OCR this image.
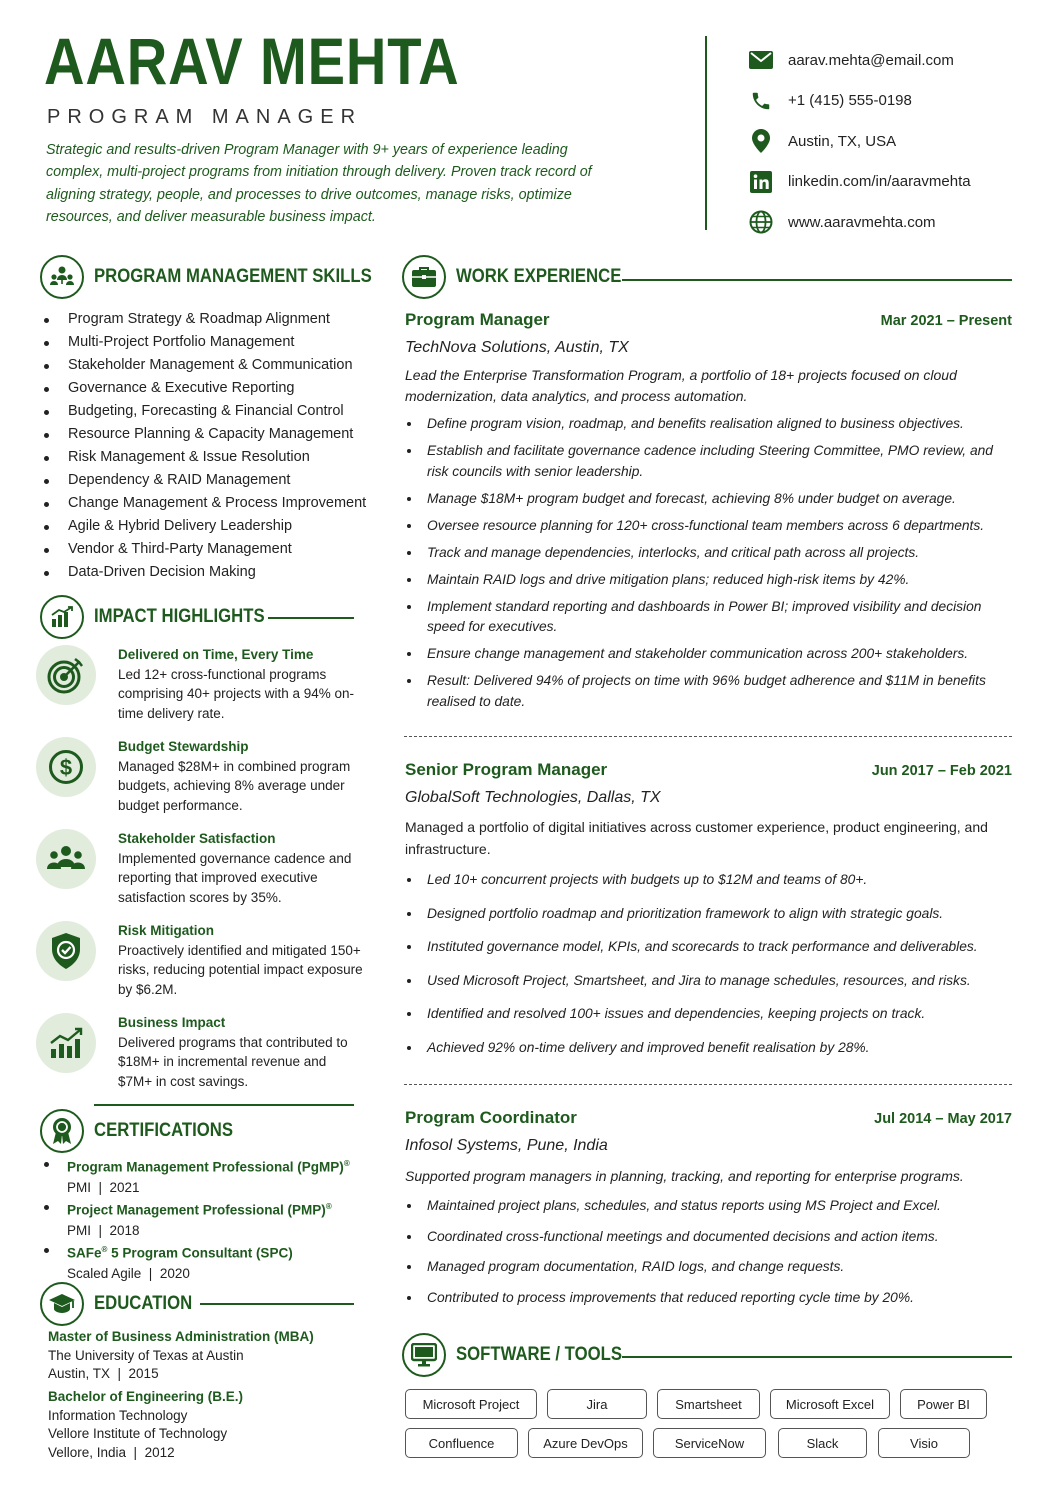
AARAV MEHTA
PROGRAM MANAGER
Strategic and results-driven Program Manager with 9+ years of experience leading complex, multi-project programs from initiation through delivery. Proven track record of aligning strategy, people, and processes to drive outcomes, manage risks, optimize resources, and deliver measurable business impact.
aarav.mehta@email.com
+1 (415) 555-0198
Austin, TX, USA
linkedin.com/in/aaravmehta
www.aaravmehta.com
PROGRAM MANAGEMENT SKILLS
Program Strategy & Roadmap Alignment
Multi-Project Portfolio Management
Stakeholder Management & Communication
Governance & Executive Reporting
Budgeting, Forecasting & Financial Control
Resource Planning & Capacity Management
Risk Management & Issue Resolution
Dependency & RAID Management
Change Management & Process Improvement
Agile & Hybrid Delivery Leadership
Vendor & Third-Party Management
Data-Driven Decision Making
IMPACT HIGHLIGHTS
Delivered on Time, Every Time
Led 12+ cross-functional programs comprising 40+ projects with a 94% on-time delivery rate.
$
Budget Stewardship
Managed $28M+ in combined program budgets, achieving 8% average under budget performance.
Stakeholder Satisfaction
Implemented governance cadence and reporting that improved executive satisfaction scores by 35%.
Risk Mitigation
Proactively identified and mitigated 150+ risks, reducing potential impact exposure by $6.2M.
Business Impact
Delivered programs that contributed to $18M+ in incremental revenue and $7M+ in cost savings.
CERTIFICATIONS
Program Management Professional (PgMP)®
PMI  |  2021
Project Management Professional (PMP)®
PMI  |  2018
SAFe® 5 Program Consultant (SPC)
Scaled Agile  |  2020
EDUCATION
Master of Business Administration (MBA)
The University of Texas at Austin
Austin, TX  |  2015
Bachelor of Engineering (B.E.)
Information Technology
Vellore Institute of Technology
Vellore, India  |  2012
WORK EXPERIENCE
Program Manager	Mar 2021 – Present
TechNova Solutions, Austin, TX
Lead the Enterprise Transformation Program, a portfolio of 18+ projects focused on cloud modernization, data analytics, and process automation.
Define program vision, roadmap, and benefits realisation aligned to business objectives.
Establish and facilitate governance cadence including Steering Committee, PMO review, and risk councils with senior leadership.
Manage $18M+ program budget and forecast, achieving 8% under budget on average.
Oversee resource planning for 120+ cross-functional team members across 6 departments.
Track and manage dependencies, interlocks, and critical path across all projects.
Maintain RAID logs and drive mitigation plans; reduced high-risk items by 42%.
Implement standard reporting and dashboards in Power BI; improved visibility and decision speed for executives.
Ensure change management and stakeholder communication across 200+ stakeholders.
Result: Delivered 94% of projects on time with 96% budget adherence and $11M in benefits realised to date.
Senior Program Manager	Jun 2017 – Feb 2021
GlobalSoft Technologies, Dallas, TX
Managed a portfolio of digital initiatives across customer experience, product engineering, and infrastructure.
Led 10+ concurrent projects with budgets up to $12M and teams of 80+.
Designed portfolio roadmap and prioritization framework to align with strategic goals.
Instituted governance model, KPIs, and scorecards to track performance and deliverables.
Used Microsoft Project, Smartsheet, and Jira to manage schedules, resources, and risks.
Identified and resolved 100+ issues and dependencies, keeping projects on track.
Achieved 92% on-time delivery and improved benefit realisation by 28%.
Program Coordinator	Jul 2014 – May 2017
Infosol Systems, Pune, India
Supported program managers in planning, tracking, and reporting for enterprise programs.
Maintained project plans, schedules, and status reports using MS Project and Excel.
Coordinated cross-functional meetings and documented decisions and action items.
Managed program documentation, RAID logs, and change requests.
Contributed to process improvements that reduced reporting cycle time by 20%.
SOFTWARE / TOOLS
Microsoft Project	Jira	Smartsheet	Microsoft Excel	Power BI
Confluence	Azure DevOps	ServiceNow	Slack	Visio
